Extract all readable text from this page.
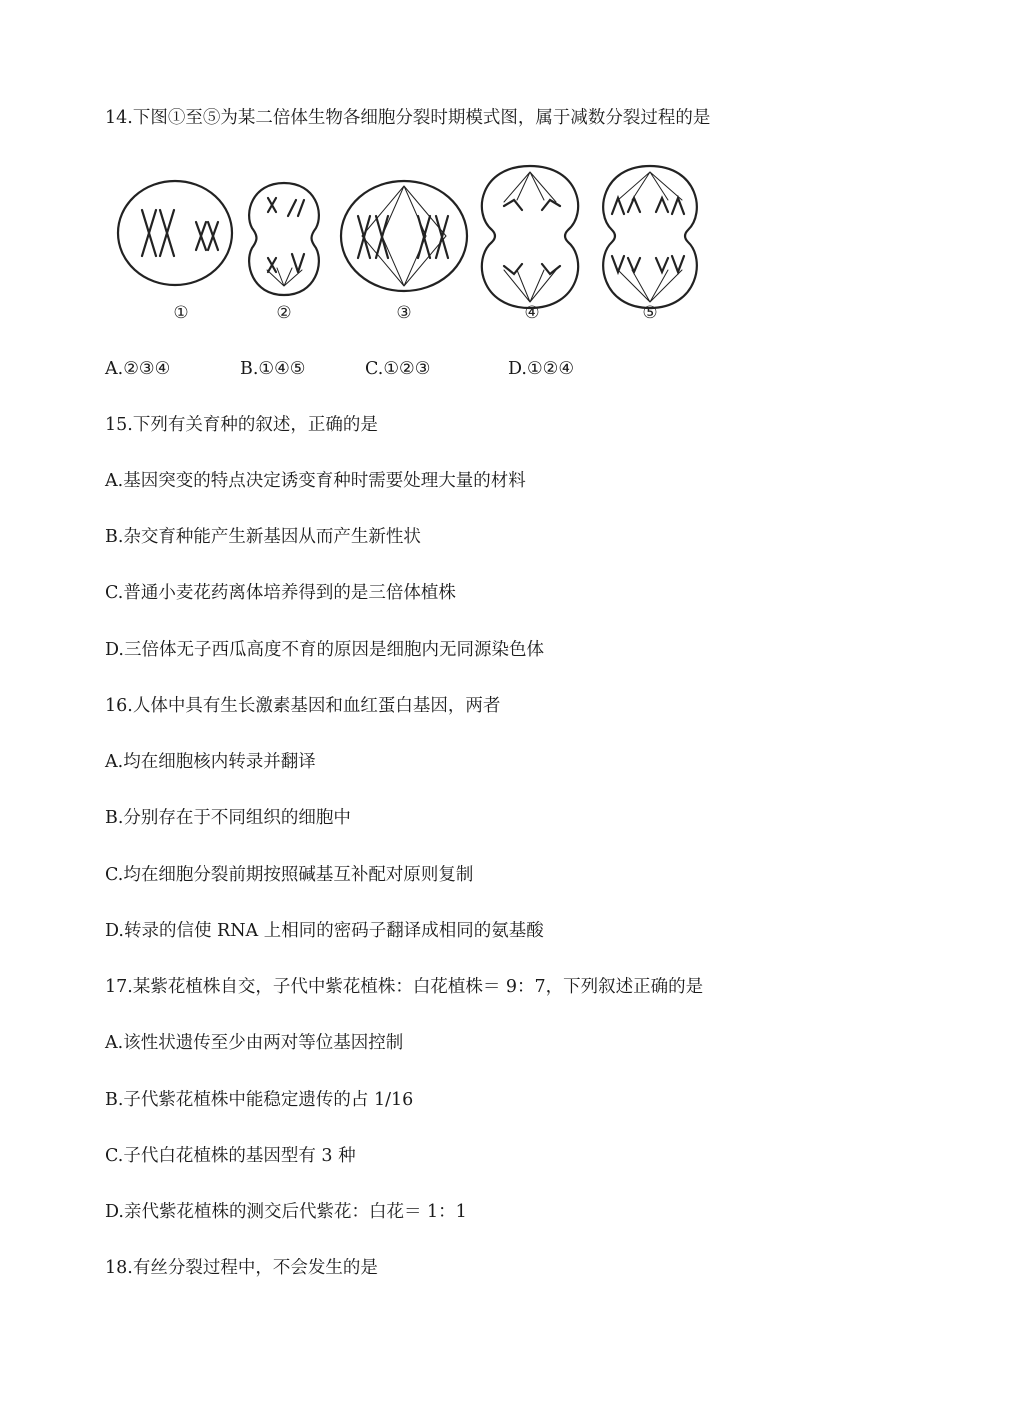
14.下图①至⑤为某二倍体生物各细胞分裂时期模式图，属于减数分裂过程的是
①	②	③	④	⑤
A.②③④	B.①④⑤	C.①②③	D.①②④
15.下列有关育种的叙述，正确的是
A.基因突变的特点决定诱变育种时需要处理大量的材料
B.杂交育种能产生新基因从而产生新性状
C.普通小麦花药离体培养得到的是三倍体植株
D.三倍体无子西瓜高度不育的原因是细胞内无同源染色体
16.人体中具有生长激素基因和血红蛋白基因，两者
A.均在细胞核内转录并翻译
B.分别存在于不同组织的细胞中
C.均在细胞分裂前期按照碱基互补配对原则复制
D.转录的信使 RNA 上相同的密码子翻译成相同的氨基酸
17.某紫花植株自交，子代中紫花植株：白花植株＝ 9：7，下列叙述正确的是
A.该性状遗传至少由两对等位基因控制
B.子代紫花植株中能稳定遗传的占 1/16
C.子代白花植株的基因型有 3 种
D.亲代紫花植株的测交后代紫花：白花＝ 1：1
18.有丝分裂过程中，不会发生的是
